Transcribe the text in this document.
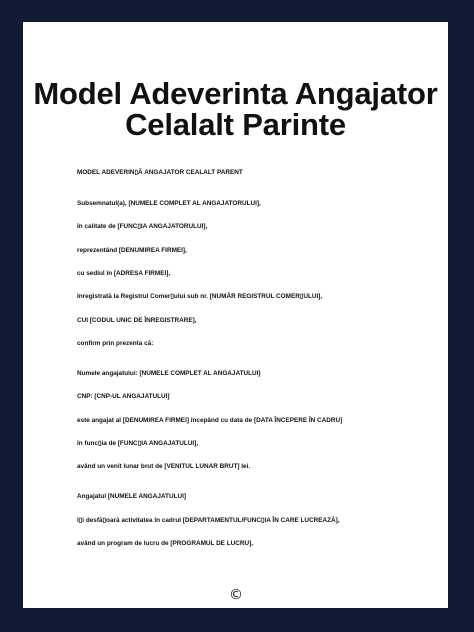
Model Adeverinta Angajator
Celalalt Parinte
MODEL ADEVERIN▯Ă ANGAJATOR CEALALT PARENT
Subsemnatul(a), [NUMELE COMPLET AL ANGAJATORULUI],
în calitate de [FUNC▯IA ANGAJATORULUI],
reprezentând [DENUMIREA FIRMEI],
cu sediul în [ADRESA FIRMEI],
înregistrată la Registrul Comer▯ului sub nr. [NUMĂR REGISTRUL COMER▯ULUI],
CUI [CODUL UNIC DE ÎNREGISTRARE],
confirm prin prezenta că:
Numele angajatului: [NUMELE COMPLET AL ANGAJATULUI]
CNP: [CNP-UL ANGAJATULUI]
este angajat al [DENUMIREA FIRMEI] începând cu data de [DATA ÎNCEPERE ÎN CADRU]
în func▯ia de [FUNC▯IA ANGAJATULUI],
având un venit lunar brut de [VENITUL LUNAR BRUT] lei.
Angajatul [NUMELE ANGAJATULUI]
î▯i desfă▯oară activitatea în cadrul [DEPARTAMENTUL/FUNC▯IA ÎN CARE LUCREAZĂ],
având un program de lucru de [PROGRAMUL DE LUCRU],
©
